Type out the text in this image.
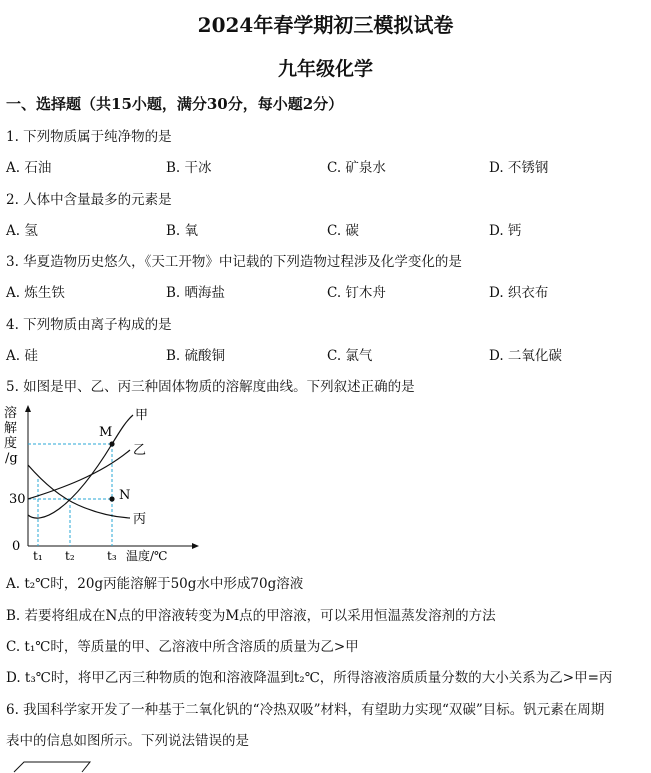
2024年春学期初三模拟试卷
九年级化学
一、选择题（共15小题，满分30分，每小题2分）
1. 下列物质属于纯净物的是
A. 石油	B. 干冰	C. 矿泉水	D. 不锈钢
2. 人体中含量最多的元素是
A. 氢	B. 氧	C. 碳	D. 钙
3. 华夏造物历史悠久，《天工开物》中记载的下列造物过程涉及化学变化的是
A. 炼生铁	B. 晒海盐	C. 钉木舟	D. 织衣布
4. 下列物质由离子构成的是
A. 硅	B. 硫酸铜	C. 氯气	D. 二氧化碳
5. 如图是甲、乙、丙三种固体物质的溶解度曲线。下列叙述正确的是
溶
解
度
/g
M
N
甲
乙
丙
30
0
t₁ t₂	t₃ 温度/℃
A. t₂℃时，20g丙能溶解于50g水中形成70g溶液
B. 若要将组成在N点的甲溶液转变为M点的甲溶液，可以采用恒温蒸发溶剂的方法
C. t₁℃时，等质量的甲、乙溶液中所含溶质的质量为乙>甲
D. t₃℃时，将甲乙丙三种物质的饱和溶液降温到t₂℃，所得溶液溶质质量分数的大小关系为乙>甲=丙
6. 我国科学家开发了一种基于二氧化钒的“冷热双吸”材料，有望助力实现“双碳”目标。钒元素在周期
表中的信息如图所示。下列说法错误的是
